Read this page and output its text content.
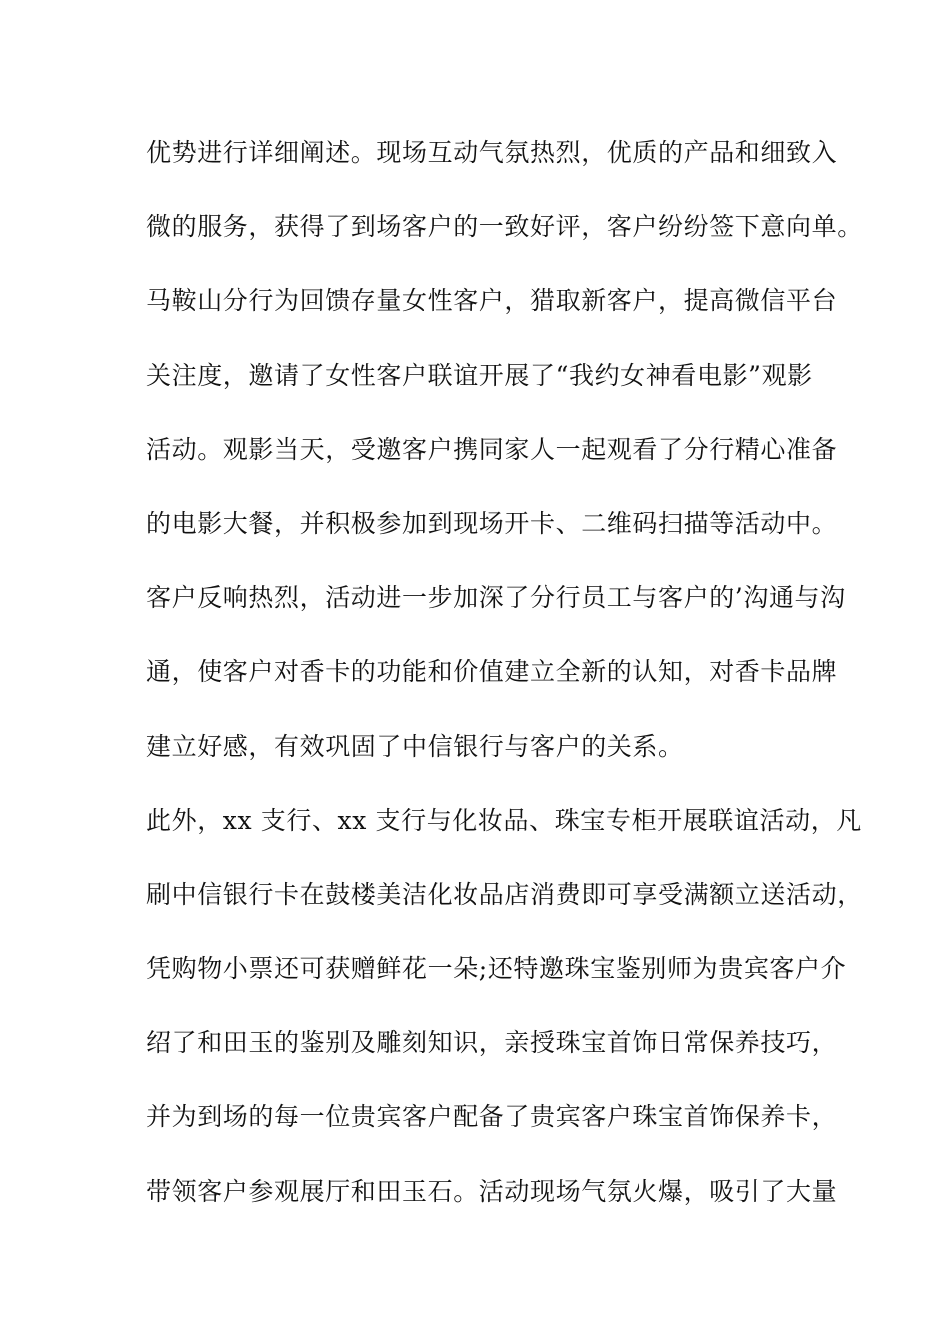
优势进行详细阐述。现场互动气氛热烈，优质的产品和细致入
微的服务，获得了到场客户的一致好评，客户纷纷签下意向单。
马鞍山分行为回馈存量女性客户，猎取新客户，提高微信平台
关注度，邀请了女性客户联谊开展了“我约女神看电影”观影
活动。观影当天，受邀客户携同家人一起观看了分行精心准备
的电影大餐，并积极参加到现场开卡、二维码扫描等活动中。
客户反响热烈，活动进一步加深了分行员工与客户的’沟通与沟
通，使客户对香卡的功能和价值建立全新的认知，对香卡品牌
建立好感，有效巩固了中信银行与客户的关系。
此外，xx 支行、xx 支行与化妆品、珠宝专柜开展联谊活动，凡
刷中信银行卡在鼓楼美洁化妆品店消费即可享受满额立送活动，
凭购物小票还可获赠鲜花一朵;还特邀珠宝鉴别师为贵宾客户介
绍了和田玉的鉴别及雕刻知识，亲授珠宝首饰日常保养技巧，
并为到场的每一位贵宾客户配备了贵宾客户珠宝首饰保养卡，
带领客户参观展厅和田玉石。活动现场气氛火爆，吸引了大量
